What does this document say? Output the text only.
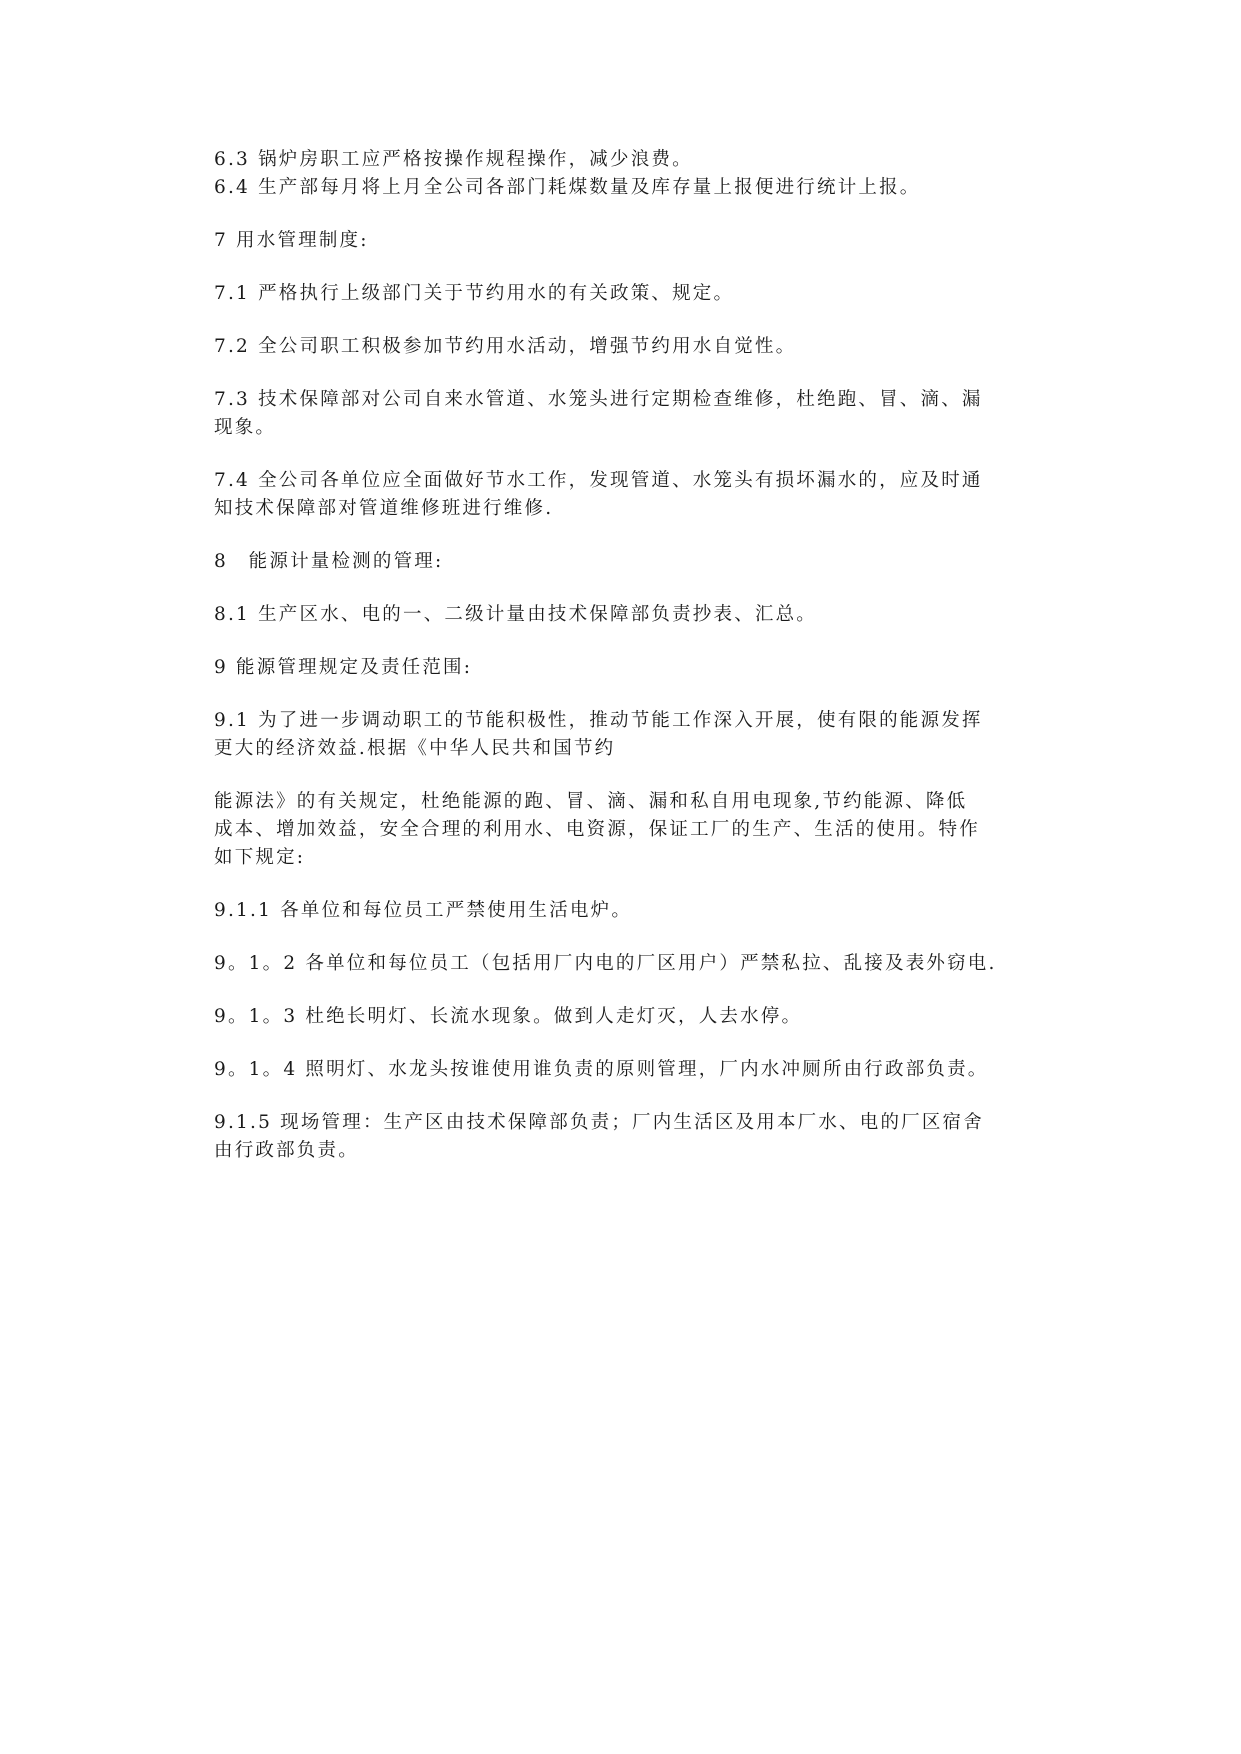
6.3 锅炉房职工应严格按操作规程操作，减少浪费。

6.4 生产部每月将上月全公司各部门耗煤数量及库存量上报便进行统计上报。

7 用水管理制度:

7.1 严格执行上级部门关于节约用水的有关政策、规定。

7.2 全公司职工积极参加节约用水活动，增强节约用水自觉性。

7.3 技术保障部对公司自来水管道、水笼头进行定期检查维修，杜绝跑、冒、滴、漏
现象。

7.4 全公司各单位应全面做好节水工作，发现管道、水笼头有损坏漏水的，应及时通
知技术保障部对管道维修班进行维修.

8　能源计量检测的管理:

8.1 生产区水、电的一、二级计量由技术保障部负责抄表、汇总。

9 能源管理规定及责任范围:

9.1 为了进一步调动职工的节能积极性，推动节能工作深入开展，使有限的能源发挥
更大的经济效益.根据《中华人民共和国节约

能源法》的有关规定，杜绝能源的跑、冒、滴、漏和私自用电现象,节约能源、降低
成本、增加效益，安全合理的利用水、电资源，保证工厂的生产、生活的使用。特作
如下规定:

9.1.1 各单位和每位员工严禁使用生活电炉。

9。1。2 各单位和每位员工（包括用厂内电的厂区用户）严禁私拉、乱接及表外窃电.

9。1。3 杜绝长明灯、长流水现象。做到人走灯灭，人去水停。

9。1。4 照明灯、水龙头按谁使用谁负责的原则管理，厂内水冲厕所由行政部负责。

9.1.5 现场管理：生产区由技术保障部负责；厂内生活区及用本厂水、电的厂区宿舍
由行政部负责。
